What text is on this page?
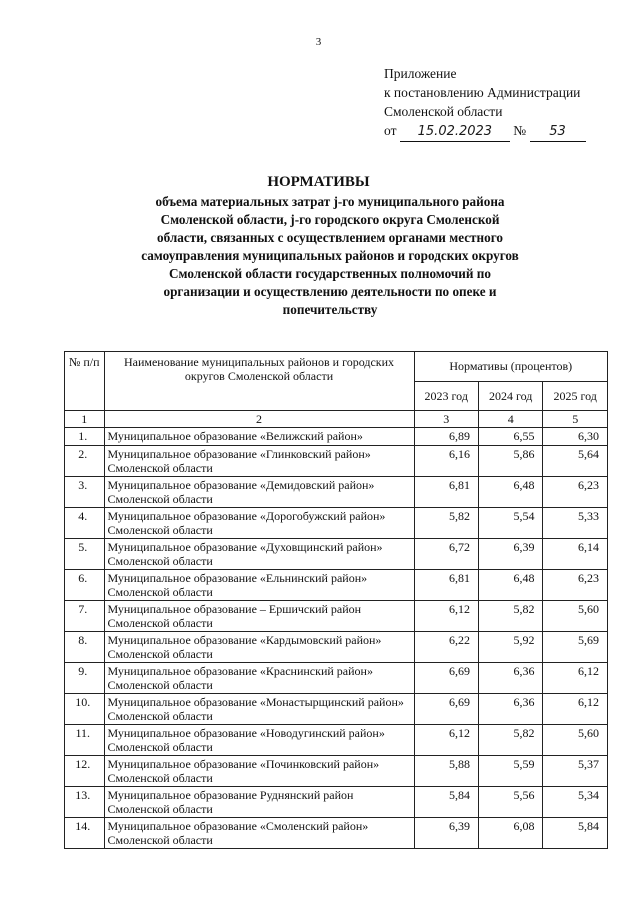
3
Приложение
к постановлению Администрации
Смоленской области
от 15.02.2023 № 53
НОРМАТИВЫ
объема материальных затрат j-го муниципального района Смоленской области, j-го городского округа Смоленской области, связанных с осуществлением органами местного самоуправления муниципальных районов и городских округов Смоленской области государственных полномочий по организации и осуществлению деятельности по опеке и попечительству
№ п/п	Наименование муниципальных районов и городских округов Смоленской области	Нормативы (процентов)		
		2023 год	2024 год	2025 год
1	2	3	4	5
1.	Муниципальное образование «Велижский район»	6,89	6,55	6,30
2.	Муниципальное образование «Глинковский район» Смоленской области	6,16	5,86	5,64
3.	Муниципальное образование «Демидовский район» Смоленской области	6,81	6,48	6,23
4.	Муниципальное образование «Дорогобужский район» Смоленской области	5,82	5,54	5,33
5.	Муниципальное образование «Духовщинский район» Смоленской области	6,72	6,39	6,14
6.	Муниципальное образование «Ельнинский район» Смоленской области	6,81	6,48	6,23
7.	Муниципальное образование – Ершичский район Смоленской области	6,12	5,82	5,60
8.	Муниципальное образование «Кардымовский район» Смоленской области	6,22	5,92	5,69
9.	Муниципальное образование «Краснинский район» Смоленской области	6,69	6,36	6,12
10.	Муниципальное образование «Монастырщинский район» Смоленской области	6,69	6,36	6,12
11.	Муниципальное образование «Новодугинский район» Смоленской области	6,12	5,82	5,60
12.	Муниципальное образование «Починковский район» Смоленской области	5,88	5,59	5,37
13.	Муниципальное образование Руднянский район Смоленской области	5,84	5,56	5,34
14.	Муниципальное образование «Смоленский район» Смоленской области	6,39	6,08	5,84
